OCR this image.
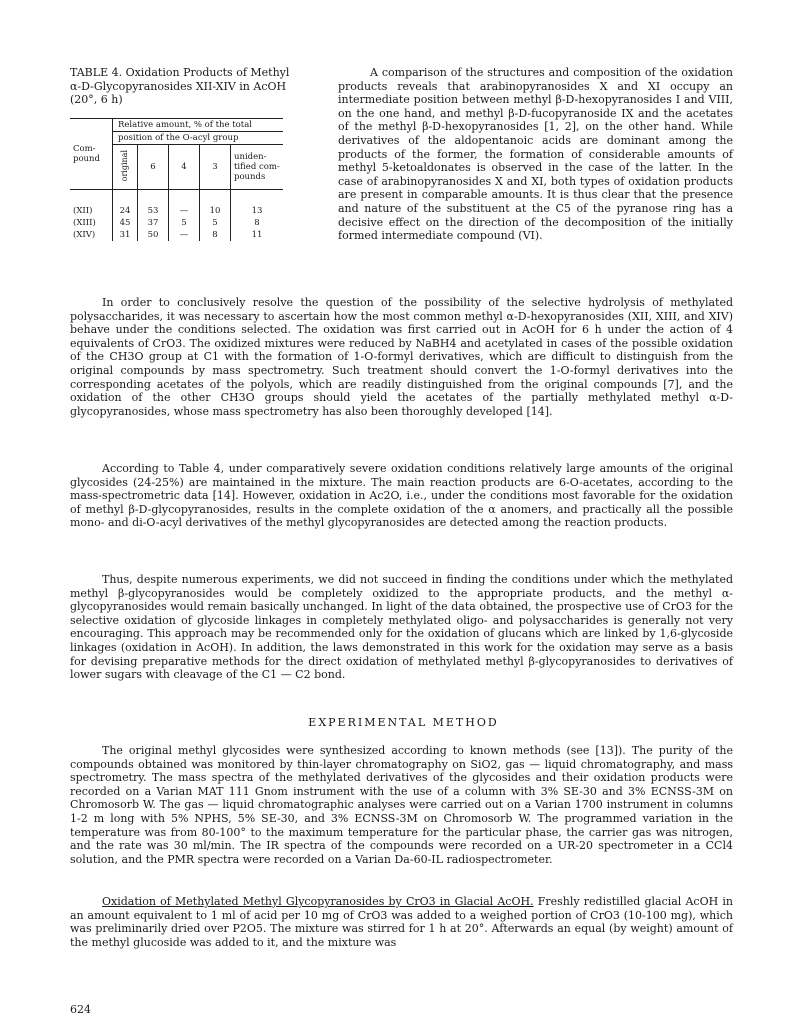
TABLE 4. Oxidation Products of Methyl α-D-Glycopyranosides XII-XIV in AcOH (20°, 6 h)
Com-pound	Relative amount, % of the total				
	position of the O-acyl group				
	original	6	4	3	uniden-tified com-pounds
(XII)	24	53	—	10	13
(XIII)	45	37	5	5	8
(XIV)	31	50	—	8	11
A comparison of the structures and composition of the oxidation products reveals that arabinopyranosides X and XI occupy an intermediate position between methyl β-D-hexopyranosides I and VIII, on the one hand, and methyl β-D-fucopyranoside IX and the acetates of the methyl β-D-hexopyranosides [1, 2], on the other hand. While derivatives of the aldopentanoic acids are dominant among the products of the former, the formation of considerable amounts of methyl 5-ketoaldonates is observed in the case of the latter. In the case of arabinopyranosides X and XI, both types of oxidation products are present in comparable amounts. It is thus clear that the presence and nature of the substituent at the C5 of the pyranose ring has a decisive effect on the direction of the decomposition of the initially formed intermediate compound (VI).
In order to conclusively resolve the question of the possibility of the selective hydrolysis of methylated polysaccharides, it was necessary to ascertain how the most common methyl α-D-hexopyranosides (XII, XIII, and XIV) behave under the conditions selected. The oxidation was first carried out in AcOH for 6 h under the action of 4 equivalents of CrO3. The oxidized mixtures were reduced by NaBH4 and acetylated in cases of the possible oxidation of the CH3O group at C1 with the formation of 1-O-formyl derivatives, which are difficult to distinguish from the original compounds by mass spectrometry. Such treatment should convert the 1-O-formyl derivatives into the corresponding acetates of the polyols, which are readily distinguished from the original compounds [7], and the oxidation of the other CH3O groups should yield the acetates of the partially methylated methyl α-D-glycopyranosides, whose mass spectrometry has also been thoroughly developed [14].
According to Table 4, under comparatively severe oxidation conditions relatively large amounts of the original glycosides (24-25%) are maintained in the mixture. The main reaction products are 6-O-acetates, according to the mass-spectrometric data [14]. However, oxidation in Ac2O, i.e., under the conditions most favorable for the oxidation of methyl β-D-glycopyranosides, results in the complete oxidation of the α anomers, and practically all the possible mono- and di-O-acyl derivatives of the methyl glycopyranosides are detected among the reaction products.
Thus, despite numerous experiments, we did not succeed in finding the conditions under which the methylated methyl β-glycopyranosides would be completely oxidized to the appropriate products, and the methyl α-glycopyranosides would remain basically unchanged. In light of the data obtained, the prospective use of CrO3 for the selective oxidation of glycoside linkages in completely methylated oligo- and polysaccharides is generally not very encouraging. This approach may be recommended only for the oxidation of glucans which are linked by 1,6-glycoside linkages (oxidation in AcOH). In addition, the laws demonstrated in this work for the oxidation may serve as a basis for devising preparative methods for the direct oxidation of methylated methyl β-glycopyranosides to derivatives of lower sugars with cleavage of the C1 — C2 bond.
EXPERIMENTAL METHOD
The original methyl glycosides were synthesized according to known methods (see [13]). The purity of the compounds obtained was monitored by thin-layer chromatography on SiO2, gas — liquid chromatography, and mass spectrometry. The mass spectra of the methylated derivatives of the glycosides and their oxidation products were recorded on a Varian MAT 111 Gnom instrument with the use of a column with 3% SE-30 and 3% ECNSS-3M on Chromosorb W. The gas — liquid chromatographic analyses were carried out on a Varian 1700 instrument in columns 1-2 m long with 5% NPHS, 5% SE-30, and 3% ECNSS-3M on Chromosorb W. The programmed variation in the temperature was from 80-100° to the maximum temperature for the particular phase, the carrier gas was nitrogen, and the rate was 30 ml/min. The IR spectra of the compounds were recorded on a UR-20 spectrometer in a CCl4 solution, and the PMR spectra were recorded on a Varian Da-60-IL radiospectrometer.
Oxidation of Methylated Methyl Glycopyranosides by CrO3 in Glacial AcOH. Freshly redistilled glacial AcOH in an amount equivalent to 1 ml of acid per 10 mg of CrO3 was added to a weighed portion of CrO3 (10-100 mg), which was preliminarily dried over P2O5. The mixture was stirred for 1 h at 20°. Afterwards an equal (by weight) amount of the methyl glucoside was added to it, and the mixture was
624
